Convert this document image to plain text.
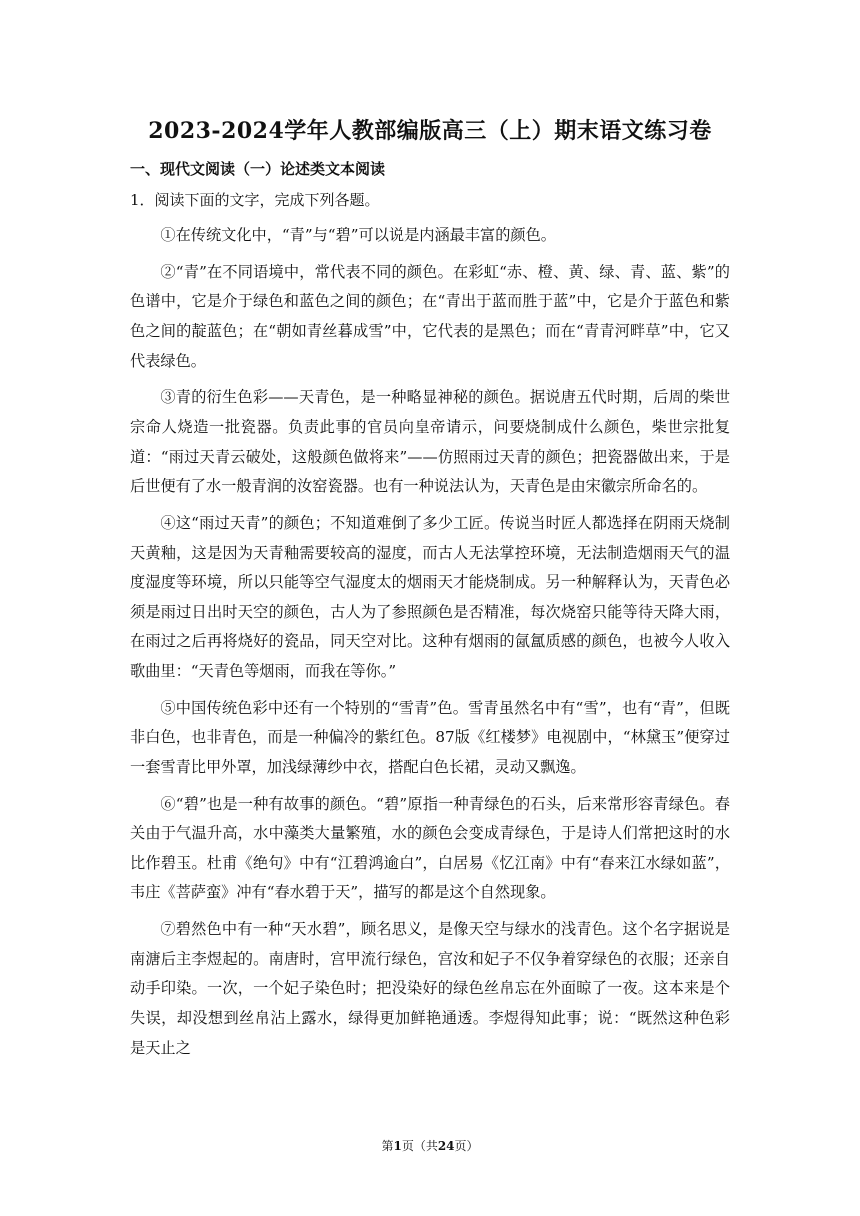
2023-2024学年人教部编版高三（上）期末语文练习卷
一、现代文阅读（一）论述类文本阅读
1．阅读下面的文字，完成下列各题。

①在传统文化中，“青”与“碧”可以说是内涵最丰富的颜色。

②“青”在不同语境中，常代表不同的颜色。在彩虹“赤、橙、黄、绿、青、蓝、紫”的色谱中，它是介于绿色和蓝色之间的颜色；在“青出于蓝而胜于蓝”中，它是介于蓝色和紫色之间的靛蓝色；在“朝如青丝暮成雪”中，它代表的是黑色；而在“青青河畔草”中，它又代表绿色。

③青的衍生色彩——天青色，是一种略显神秘的颜色。据说唐五代时期，后周的柴世宗命人烧造一批瓷器。负责此事的官员向皇帝请示，问要烧制成什么颜色，柴世宗批复道：“雨过天青云破处，这般颜色做将来”——仿照雨过天青的颜色；把瓷器做出来，于是后世便有了水一般青润的汝窑瓷器。也有一种说法认为，天青色是由宋徽宗所命名的。

④这“雨过天青”的颜色；不知道难倒了多少工匠。传说当时匠人都选择在阴雨天烧制天黄釉，这是因为天青釉需要较高的湿度，而古人无法掌控环境，无法制造烟雨天气的温度湿度等环境，所以只能等空气湿度太的烟雨天才能烧制成。另一种解释认为，天青色必须是雨过日出时天空的颜色，古人为了参照颜色是否精准，每次烧窑只能等待天降大雨，在雨过之后再将烧好的瓷品，同天空对比。这种有烟雨的氤氲质感的颜色，也被今人收入歌曲里：“天青色等烟雨，而我在等你。”

⑤中国传统色彩中还有一个特别的“雪青”色。雪青虽然名中有“雪”，也有“青”，但既非白色，也非青色，而是一种偏冷的紫红色。87版《红楼梦》电视剧中，“林黛玉”便穿过一套雪青比甲外罩，加浅绿薄纱中衣，搭配白色长裙，灵动又飘逸。

⑥“碧”也是一种有故事的颜色。“碧”原指一种青绿色的石头，后来常形容青绿色。春关由于气温升高，水中藻类大量繁殖，水的颜色会变成青绿色，于是诗人们常把这时的水比作碧玉。杜甫《绝句》中有“江碧鸿逾白”，白居易《忆江南》中有“春来江水绿如蓝”，韦庄《菩萨蛮》冲有“春水碧于天”，描写的都是这个自然现象。

⑦碧然色中有一种“天水碧”，顾名思义，是像天空与绿水的浅青色。这个名字据说是南溏后主李煜起的。南唐时，宫甲流行绿色，宫汝和妃子不仅争着穿绿色的衣服；还亲自动手印染。一次，一个妃子染色时；把没染好的绿色丝帛忘在外面晾了一夜。这本来是个失误，却没想到丝帛沾上露水，绿得更加鲜艳通透。李煜得知此事；说：“既然这种色彩是天止之

第1页（共24页）
